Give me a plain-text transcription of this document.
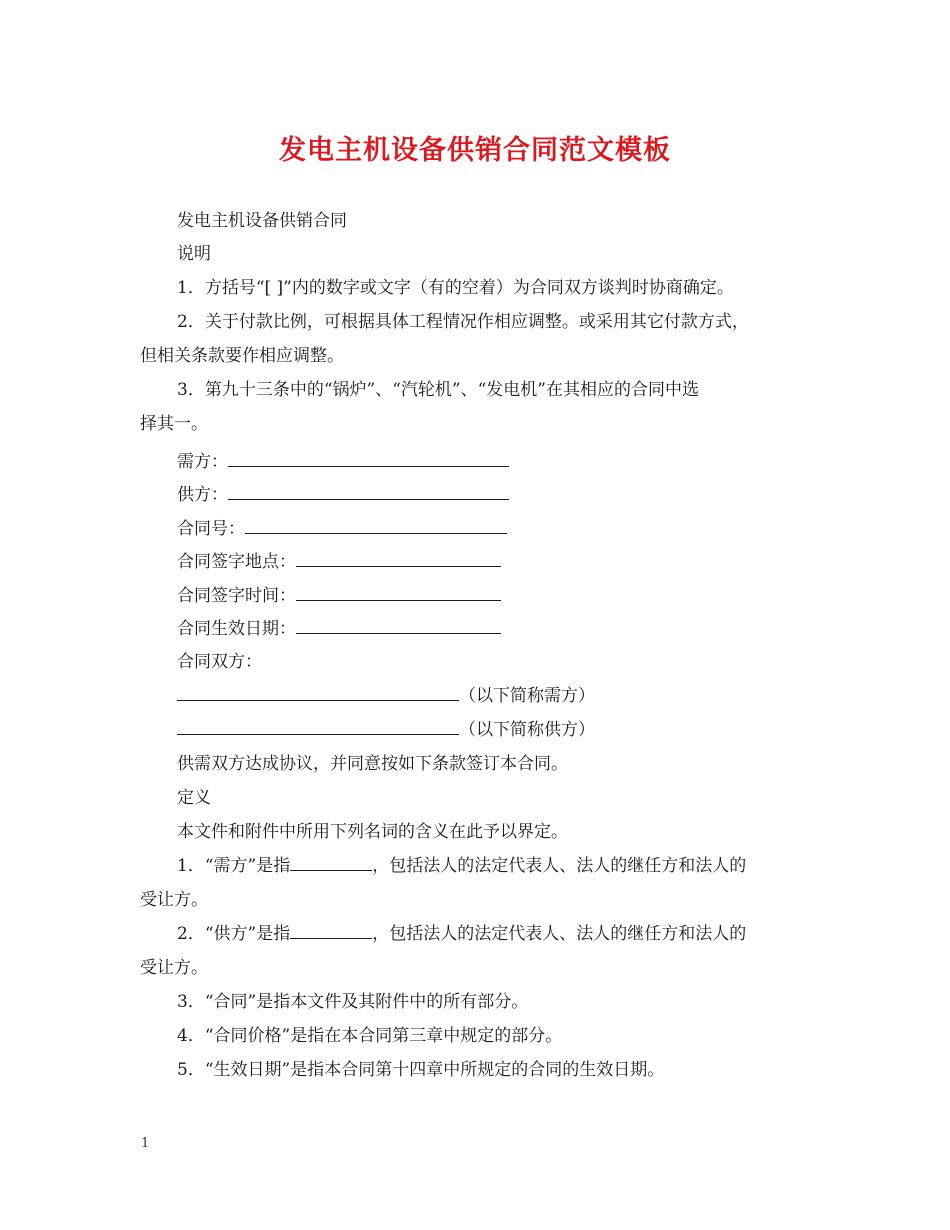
发电主机设备供销合同范文模板
发电主机设备供销合同
说明
1．方括号“[ ]”内的数字或文字（有的空着）为合同双方谈判时协商确定。
2．关于付款比例，可根据具体工程情况作相应调整。或采用其它付款方式，
但相关条款要作相应调整。
3．第九十三条中的“锅炉”、“汽轮机”、“发电机”在其相应的合同中选
择其一。
需方：
供方：
合同号：
合同签字地点：
合同签字时间：
合同生效日期：
合同双方：
（以下简称需方）
（以下简称供方）
供需双方达成协议，并同意按如下条款签订本合同。
定义
本文件和附件中所用下列名词的含义在此予以界定。
1．“需方”是指	，包括法人的法定代表人、法人的继任方和法人的
受让方。
2．“供方”是指	，包括法人的法定代表人、法人的继任方和法人的
受让方。
3．“合同”是指本文件及其附件中的所有部分。
4．“合同价格”是指在本合同第三章中规定的部分。
5．“生效日期”是指本合同第十四章中所规定的合同的生效日期。
1
